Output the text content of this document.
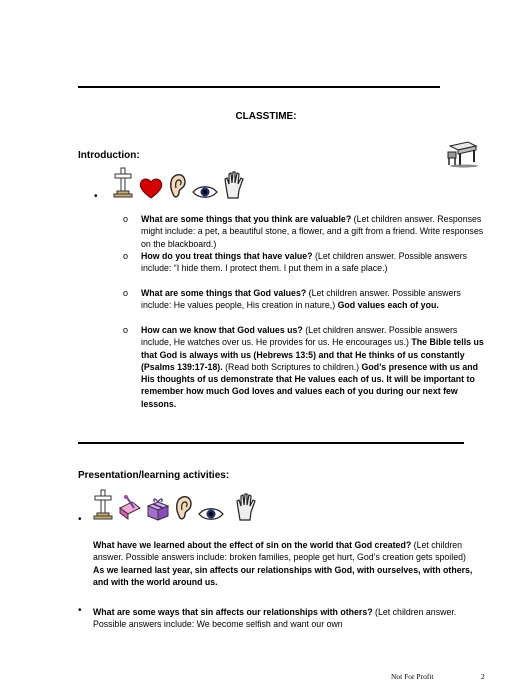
CLASSTIME:
Introduction:
•
o What are some things that you think are valuable? (Let children answer. Responses might include: a pet, a beautiful stone, a flower, and a gift from a friend. Write responses on the blackboard.)
o How do you treat things that have value? (Let children answer. Possible answers include: “I hide them. I protect them. I put them in a safe place.)
o What are some things that God values? (Let children answer. Possible answers include: He values people, His creation in nature,) God values each of you.
o How can we know that God values us? (Let children answer. Possible answers include, He watches over us. He provides for us. He encourages us.) The Bible tells us that God is always with us (Hebrews 13:5) and that He thinks of us constantly (Psalms 139:17-18). (Read both Scriptures to children.) God’s presence with us and His thoughts of us demonstrate that He values each of us. It will be important to remember how much God loves and values each of you during our next few lessons.
Presentation/learning activities:
•
What have we learned about the effect of sin on the world that God created? (Let children answer. Possible answers include: broken families, people get hurt, God’s creation gets spoiled) As we learned last year, sin affects our relationships with God, with ourselves, with others, and with the world around us.
• What are some ways that sin affects our relationships with others? (Let children answer. Possible answers include: We become selfish and want our own
Not For Profit	2
